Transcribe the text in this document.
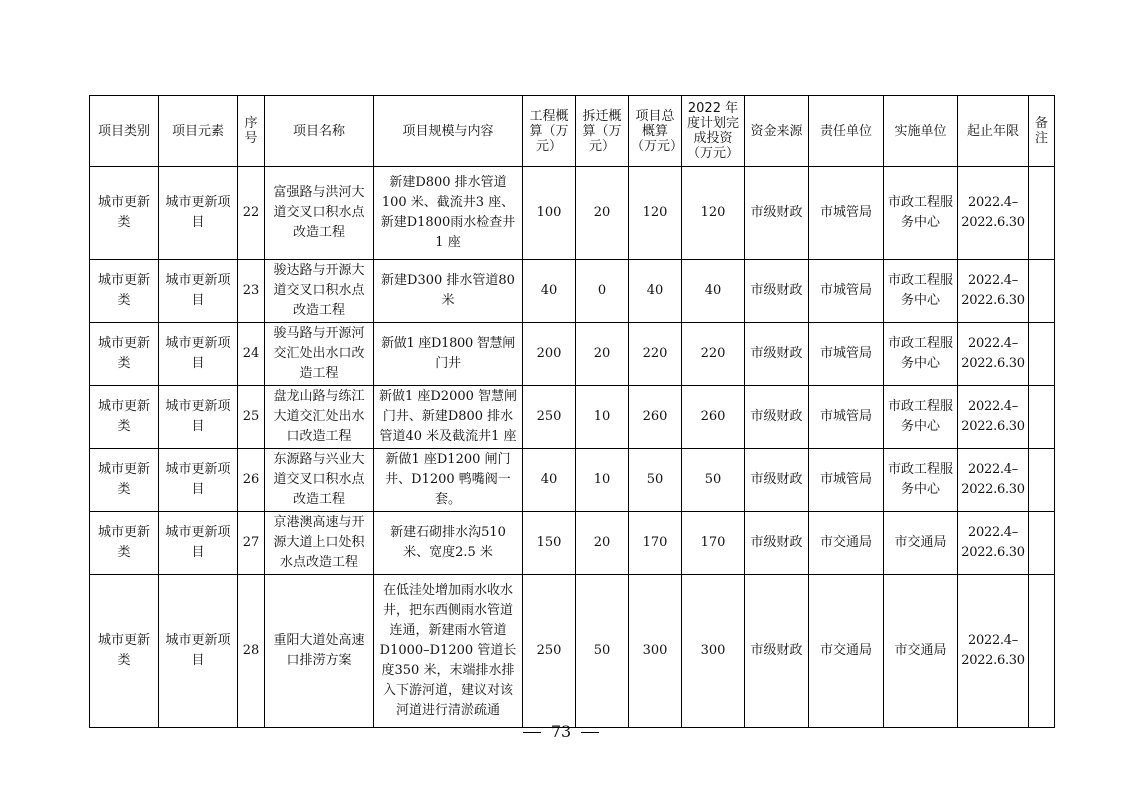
项目类别	项目元素	序号	项目名称	项目规模与内容	工程概算（万元）	拆迁概算（万元）	项目总概算（万元）	2022 年度计划完成投资（万元）	资金来源	责任单位	实施单位	起止年限	备注
城市更新类	城市更新项目	22	富强路与洪河大道交叉口积水点改造工程	新建D800 排水管道100 米、截流井3 座、新建D1800雨水检查井1 座	100	20	120	120	市级财政	市城管局	市政工程服务中心	2022.4–2022.6.30	
城市更新类	城市更新项目	23	骏达路与开源大道交叉口积水点改造工程	新建D300 排水管道80 米	40	0	40	40	市级财政	市城管局	市政工程服务中心	2022.4–2022.6.30	
城市更新类	城市更新项目	24	骏马路与开源河交汇处出水口改造工程	新做1 座D1800 智慧闸门井	200	20	220	220	市级财政	市城管局	市政工程服务中心	2022.4–2022.6.30	
城市更新类	城市更新项目	25	盘龙山路与练江大道交汇处出水口改造工程	新做1 座D2000 智慧闸门井、新建D800 排水管道40 米及截流井1 座	250	10	260	260	市级财政	市城管局	市政工程服务中心	2022.4–2022.6.30	
城市更新类	城市更新项目	26	东源路与兴业大道交叉口积水点改造工程	新做1 座D1200 闸门井、D1200 鸭嘴阀一套。	40	10	50	50	市级财政	市城管局	市政工程服务中心	2022.4–2022.6.30	
城市更新类	城市更新项目	27	京港澳高速与开源大道上口处积水点改造工程	新建石砌排水沟510 米、宽度2.5 米	150	20	170	170	市级财政	市交通局	市交通局	2022.4–2022.6.30	
城市更新类	城市更新项目	28	重阳大道处高速口排涝方案	在低洼处增加雨水收水井，把东西侧雨水管道连通，新建雨水管道D1000–D1200 管道长度350 米，末端排水排入下游河道，建议对该河道进行清淤疏通	250	50	300	300	市级财政	市交通局	市交通局	2022.4–2022.6.30	
73
